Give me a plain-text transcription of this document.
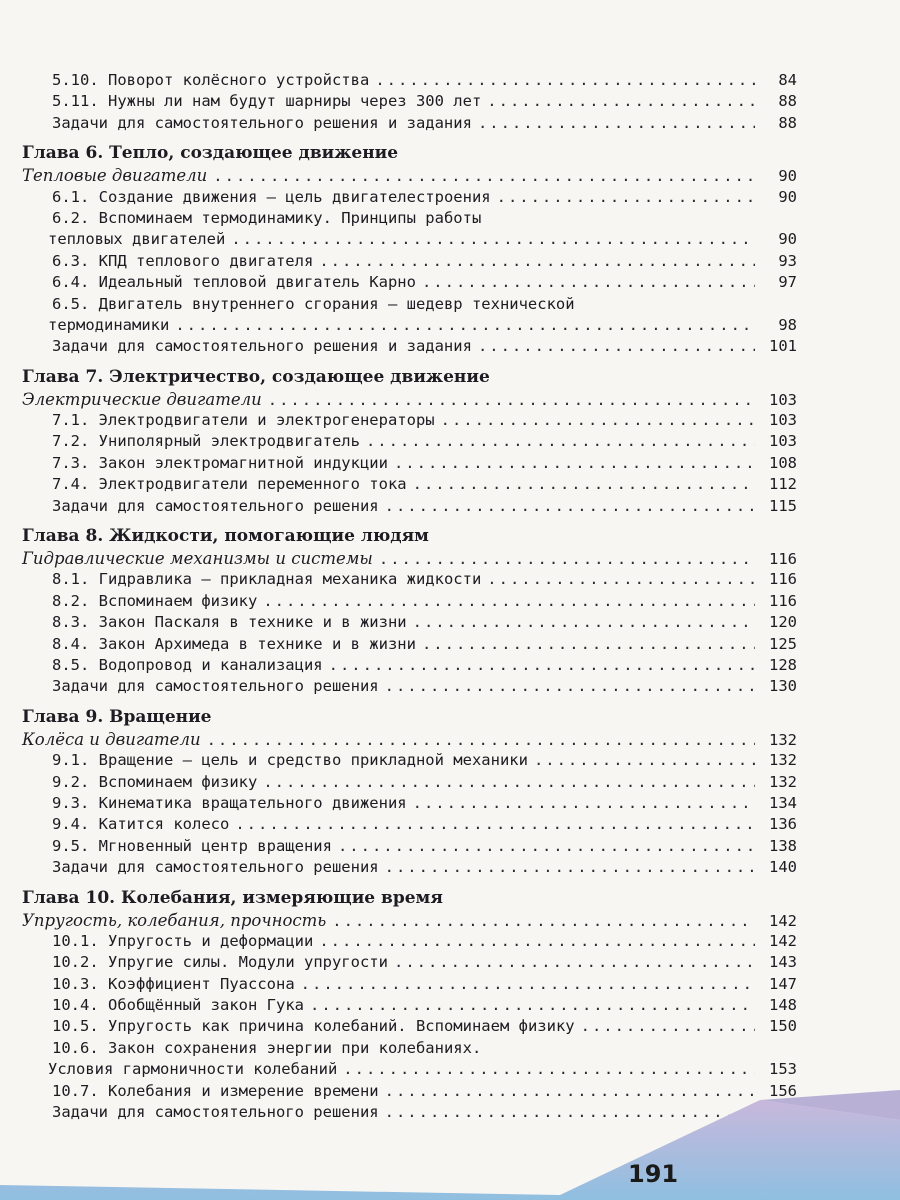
5.10. Поворот колёсного устройства .....	84
5.11. Нужны ли нам будут шарниры через 300 лет .....	88
Задачи для самостоятельного решения и задания .....	88
Глава 6. Тепло, создающее движение
Тепловые двигатели .....	90
6.1. Создание движения — цель двигателестроения .....	90
6.2. Вспоминаем термодинамику. Принципы работы
тепловых двигателей .....	90
6.3. КПД теплового двигателя .....	93
6.4. Идеальный тепловой двигатель Карно .....	97
6.5. Двигатель внутреннего сгорания — шедевр технической
термодинамики .....	98
Задачи для самостоятельного решения и задания .....	101
Глава 7. Электричество, создающее движение
Электрические двигатели .....	103
7.1. Электродвигатели и электрогенераторы .....	103
7.2. Униполярный электродвигатель .....	103
7.3. Закон электромагнитной индукции .....	108
7.4. Электродвигатели переменного тока .....	112
Задачи для самостоятельного решения .....	115
Глава 8. Жидкости, помогающие людям
Гидравлические механизмы и системы .....	116
8.1. Гидравлика — прикладная механика жидкости .....	116
8.2. Вспоминаем физику .....	116
8.3. Закон Паскаля в технике и в жизни .....	120
8.4. Закон Архимеда в технике и в жизни .....	125
8.5. Водопровод и канализация .....	128
Задачи для самостоятельного решения .....	130
Глава 9. Вращение
Колёса и двигатели .....	132
9.1. Вращение — цель и средство прикладной механики .....	132
9.2. Вспоминаем физику .....	132
9.3. Кинематика вращательного движения .....	134
9.4. Катится колесо .....	136
9.5. Мгновенный центр вращения .....	138
Задачи для самостоятельного решения .....	140
Глава 10. Колебания, измеряющие время
Упругость, колебания, прочность .....	142
10.1. Упругость и деформации .....	142
10.2. Упругие силы. Модули упругости .....	143
10.3. Коэффициент Пуассона .....	147
10.4. Обобщённый закон Гука .....	148
10.5. Упругость как причина колебаний. Вспоминаем физику .....	150
10.6. Закон сохранения энергии при колебаниях.
Условия гармоничности колебаний .....	153
10.7. Колебания и измерение времени .....	156
Задачи для самостоятельного решения
.....
191
